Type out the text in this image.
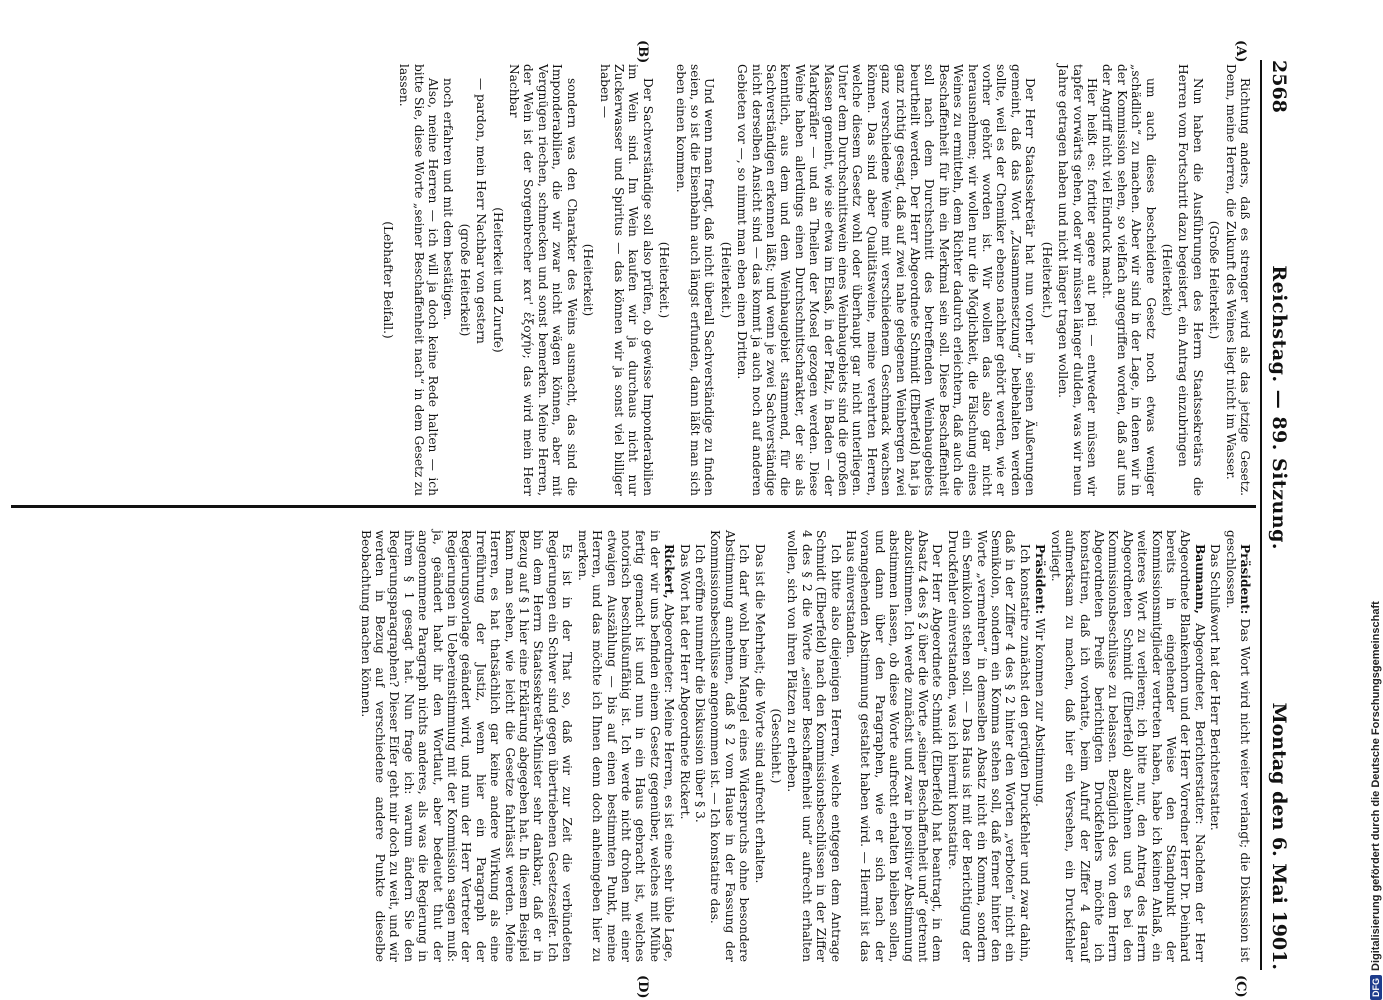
2568
Reichstag. — 89. Sitzung.
Montag den 6. Mai 1901.
(A)
(B)
(C)
(D)

Richtung anders, daß es strenger wird als das jetzige Gesetz. Denn, meine Herren, die Zukunft des Weines liegt nicht im Wasser.

(Große Heiterkeit.)

Nun haben die Ausführungen des Herrn Staatssekretärs die Herren vom Fortschritt dazu begeistert, ein Antrag einzubringen

(Heiterkeit)

um auch dieses bescheidene Gesetz noch etwas weniger „schädlich“ zu machen. Aber wir sind in der Lage, in denen wir in der Kommission sehen, so vielfach angegriffen worden, daß auf uns der Angriff nicht viel Eindruck macht.

Hier heißt es: fortiter agere aut pati — entweder müssen wir tapfer vorwärts gehen, oder wir müssen länger dulden, was wir neun Jahre getragen haben und nicht länger tragen wollen.

(Heiterkeit.)

Der Herr Staatssekretär hat nun vorher in seinen Äußerungen gemeint, daß das Wort „Zusammensetzung“ beibehalten werden sollte, weil es der Chemiker ebenso nachher gehört werden, wie er vorher gehört worden ist. Wir wollen das also gar nicht herausnehmen; wir wollen nur die Möglichkeit, die Fälschung eines Weines zu ermitteln, dem Richter dadurch erleichtern, daß auch die Beschaffenheit für ihn ein Merkmal sein soll. Diese Beschaffenheit soll nach dem Durchschnitt des betreffenden Weinbaugebiets beurtheilt werden. Der Herr Abgeordnete Schmidt (Elberfeld) hat ja ganz richtig gesagt, daß auf zwei nahe gelegenen Weinbergen zwei ganz verschiedene Weine mit verschiedenem Geschmack wachsen können. Das sind aber Qualitätsweine, meine verehrten Herren, welche diesem Gesetz wohl oder überhaupt gar nicht unterliegen. Unter dem Durchschnittswein eines Weinbaugebiets sind die großen Massen gemeint, wie sie etwa im Elsaß, in der Pfalz, in Baden — der Markgräfler — und an Theilen der Mosel gezogen werden. Diese Weine haben allerdings einen Durchschnittscharakter, der sie als kenntlich, aus dem und dem Weinbaugebiet stammend, für die Sachverständigen erkennen läßt; und wenn je zwei Sachverständige nicht derselben Ansicht sind — das kommt ja auch noch auf anderen Gebieten vor —, so nimmt man eben einen Dritten.

(Heiterkeit.)

Und wenn man fragt, daß nicht überall Sachverständige zu finden seien, so ist die Eisenbahn auch längst erfunden, dann läßt man sich eben einen kommen.

(Heiterkeit.)

Der Sachverständige soll also prüfen, ob gewisse Imponderabilien im Wein sind. Im Wein kaufen wir ja durchaus nicht nur Zuckerwasser und Spiritus — das können wir ja sonst viel billiger haben —

(Heiterkeit)

sondern was den Charakter des Weins ausmacht, das sind die Imponderabilien, die wir zwar nicht wägen können, aber mit Vergnügen riechen, schmecken und sonst bemerken. Meine Herren, der Wein ist der Sorgenbrecher κατ' ἐξοχήν; das wird mein Herr Nachbar

(Heiterkeit und Zurufe)

— pardon, mein Herr Nachbar von gestern

(große Heiterkeit)

noch erfahren und mit dem bestätigen.

Also, meine Herren — ich will ja doch keine Rede halten — ich bitte Sie, diese Worte „seiner Beschaffenheit nach“ in dem Gesetz zu lassen.

(Lebhafter Beifall.)

Präsident: Das Wort wird nicht weiter verlangt; die Diskussion ist geschlossen.

Das Schlußwort hat der Herr Berichterstatter.

Baumann, Abgeordneter, Berichterstatter: Nachdem der Herr Abgeordnete Blankenhorn und der Herr Vorredner Herr Dr. Deinhard bereits in eingehender Weise den Standpunkt der Kommissionsmitglieder vertreten haben, habe ich keinen Anlaß, ein weiteres Wort zu verlieren; ich bitte nur, den Antrag des Herrn Abgeordneten Schmidt (Elberfeld) abzulehnen und es bei den Kommissionsbeschlüsse zu belassen. Bezüglich des von dem Herrn Abgeordneten Preiß berichtigten Druckfehlers möchte ich konstatiren, daß ich vorhatte, beim Aufruf der Ziffer 4 darauf aufmerksam zu machen, daß hier ein Versehen, ein Druckfehler vorliegt.

Präsident: Wir kommen zur Abstimmung.

Ich konstatire zunächst den gerügten Druckfehler und zwar dahin, daß in der Ziffer 4 des § 2 hinter den Worten „verboten“ nicht ein Semikolon, sondern ein Komma stehen soll, daß ferner hinter den Worte „vermehren“ in demselben Absatz nicht ein Komma, sondern ein Semikolon stehen soll. — Das Haus ist mit der Berichtigung der Druckfehler einverstanden, was ich hiermit konstatire.

Der Herr Abgeordnete Schmidt (Elberfeld) hat beantragt, in dem Absatz 4 des § 2 über die Worte „seiner Beschaffenheit und“ getrennt abzustimmen. Ich werde zunächst und zwar in positiver Abstimmung abstimmen lassen, ob diese Worte aufrecht erhalten bleiben sollen, und dann über den Paragraphen, wie er sich nach der vorangehenden Abstimmung gestaltet haben wird. — Hiermit ist das Haus einverstanden.

Ich bitte also diejenigen Herren, welche entgegen dem Antrage Schmidt (Elberfeld) nach den Kommissionsbeschlüssen in der Ziffer 4 des § 2 die Worte „seiner Beschaffenheit und“ aufrecht erhalten wollen, sich von ihren Plätzen zu erheben.

(Geschieht.)

Das ist die Mehrheit; die Worte sind aufrecht erhalten.

Ich darf wohl beim Mangel eines Widerspruchs ohne besondere Abstimmung annehmen, daß § 2 vom Hause in der Fassung der Kommissionsbeschlüsse angenommen ist. — Ich konstatire das.

Ich eröffne nunmehr die Diskussion über § 3.

Das Wort hat der Herr Abgeordnete Rickert.

Rickert, Abgeordneter: Meine Herren, es ist eine sehr üble Lage, in der wir uns befinden einem Gesetz gegenüber, welches mit Mühe fertig gemacht ist und nun in ein Haus gebracht ist, welches notorisch beschlußunfähig ist. Ich werde nicht drohen mit einer etwaigen Auszählung — bis auf einen bestimmten Punkt, meine Herren, und das möchte ich Ihnen denn doch anheimgeben hier zu merken.

Es ist in der That so, daß wir zur Zeit die verbündeten Regierungen ein Schwer sind gegen übertriebenen Gesetzeseifer. Ich bin dem Herrn Staatssekretär-Minister sehr dankbar, daß er in Bezug auf § 1 hier eine Erklärung abgegeben hat. In diesem Beispiel kann man sehen, wie leicht die Gesetze fahrlässt werden. Meine Herren, es hat thatsächlich gar keine andere Wirkung als eine Irreführung der Justiz, wenn hier ein Paragraph der Regierungsvorlage geändert wird, und nun der Herr Vertreter der Regierungen in Uebereinstimmung mit der Kommission sagen muß: ja, geändert habt ihr den Wortlaut, aber bedeutet thut der angenommene Paragraph nichts anderes, als was die Regierung in ihrem § 1 gesagt hat. Nun frage ich: warum ändern Sie den Regierungsparagraphen? Dieser Eifer geht mir doch zu weit, und wir werden in Bezug auf verschiedene andere Punkte dieselbe Beobachtung machen können.

DFGDigitalisierung gefördert durch die Deutsche Forschungsgemeinschaft
